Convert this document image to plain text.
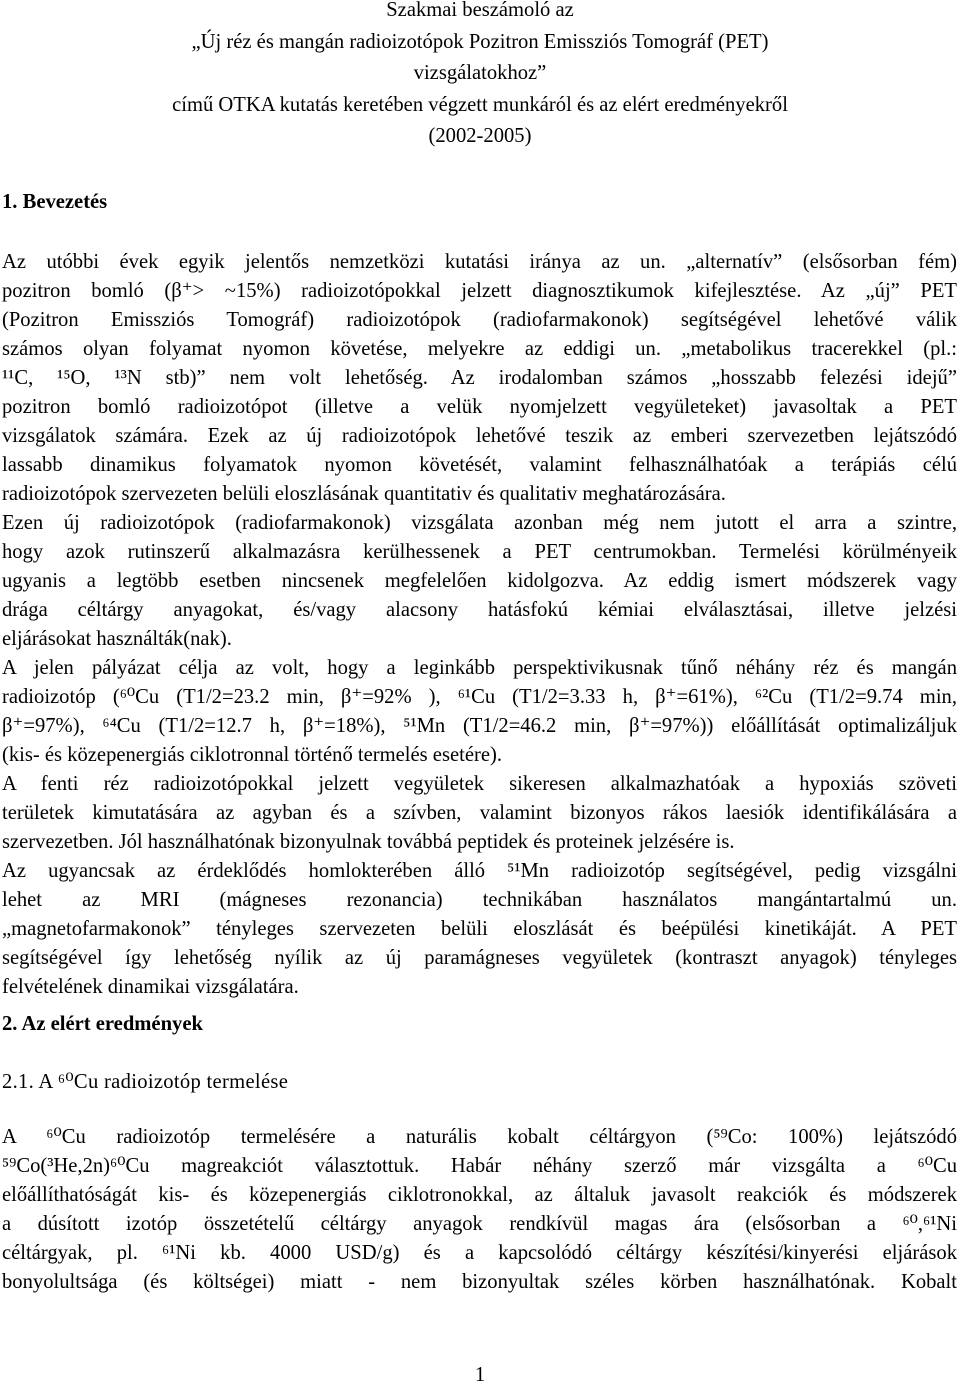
Szakmai beszámoló az
„Új réz és mangán radioizotópok Pozitron Emissziós Tomográf (PET)
vizsgálatokhoz”
című OTKA kutatás keretében végzett munkáról és az elért eredményekről
(2002-2005)
1. Bevezetés
Az utóbbi évek egyik jelentős nemzetközi kutatási iránya az un. „alternatív” (elsősorban fém)
pozitron bomló (β⁺> ~15%) radioizotópokkal jelzett diagnosztikumok kifejlesztése. Az „új” PET
(Pozitron Emissziós Tomográf) radioizotópok (radiofarmakonok) segítségével lehetővé válik
számos olyan folyamat nyomon követése, melyekre az eddigi un. „metabolikus tracerekkel (pl.:
¹¹C, ¹⁵O, ¹³N stb)” nem volt lehetőség. Az irodalomban számos „hosszabb felezési idejű”
pozitron bomló radioizotópot (illetve a velük nyomjelzett vegyületeket) javasoltak a PET
vizsgálatok számára. Ezek az új radioizotópok lehetővé teszik az emberi szervezetben lejátszódó
lassabb dinamikus folyamatok nyomon követését, valamint felhasználhatóak a terápiás célú
radioizotópok szervezeten belüli eloszlásának quantitativ és qualitativ meghatározására.
Ezen új radioizotópok (radiofarmakonok) vizsgálata azonban még nem jutott el arra a szintre,
hogy azok rutinszerű alkalmazásra kerülhessenek a PET centrumokban. Termelési körülményeik
ugyanis a legtöbb esetben nincsenek megfelelően kidolgozva. Az eddig ismert módszerek vagy
drága céltárgy anyagokat, és/vagy alacsony hatásfokú kémiai elválasztásai, illetve jelzési
eljárásokat használták(nak).
A jelen pályázat célja az volt, hogy a leginkább perspektivikusnak tűnő néhány réz és mangán
radioizotóp (⁶⁰Cu (T1/2=23.2 min, β⁺=92% ), ⁶¹Cu (T1/2=3.33 h, β⁺=61%), ⁶²Cu (T1/2=9.74 min,
β⁺=97%), ⁶⁴Cu (T1/2=12.7 h, β⁺=18%), ⁵¹Mn (T1/2=46.2 min, β⁺=97%)) előállítását optimalizáljuk
(kis- és közepenergiás ciklotronnal történő termelés esetére).
A fenti réz radioizotópokkal jelzett vegyületek sikeresen alkalmazhatóak a hypoxiás szöveti
területek kimutatására az agyban és a szívben, valamint bizonyos rákos laesiók identifikálására a
szervezetben. Jól használhatónak bizonyulnak továbbá peptidek és proteinek jelzésére is.
Az ugyancsak az érdeklődés homlokterében álló ⁵¹Mn radioizotóp segítségével, pedig vizsgálni
lehet az MRI (mágneses rezonancia) technikában használatos mangántartalmú un.
„magnetofarmakonok” tényleges szervezeten belüli eloszlását és beépülési kinetikáját. A PET
segítségével így lehetőség nyílik az új paramágneses vegyületek (kontraszt anyagok) tényleges
felvételének dinamikai vizsgálatára.
2. Az elért eredmények
2.1. A ⁶⁰Cu radioizotóp termelése
A ⁶⁰Cu radioizotóp termelésére a naturális kobalt céltárgyon (⁵⁹Co: 100%) lejátszódó
⁵⁹Co(³He,2n)⁶⁰Cu magreakciót választottuk. Habár néhány szerző már vizsgálta a ⁶⁰Cu
előállíthatóságát kis- és közepenergiás ciklotronokkal, az általuk javasolt reakciók és módszerek
a dúsított izotóp összetételű céltárgy anyagok rendkívül magas ára (elsősorban a ⁶⁰,⁶¹Ni
céltárgyak, pl. ⁶¹Ni kb. 4000 USD/g) és a kapcsolódó céltárgy készítési/kinyerési eljárások
bonyolultsága (és költségei) miatt - nem bizonyultak széles körben használhatónak. Kobalt
1
